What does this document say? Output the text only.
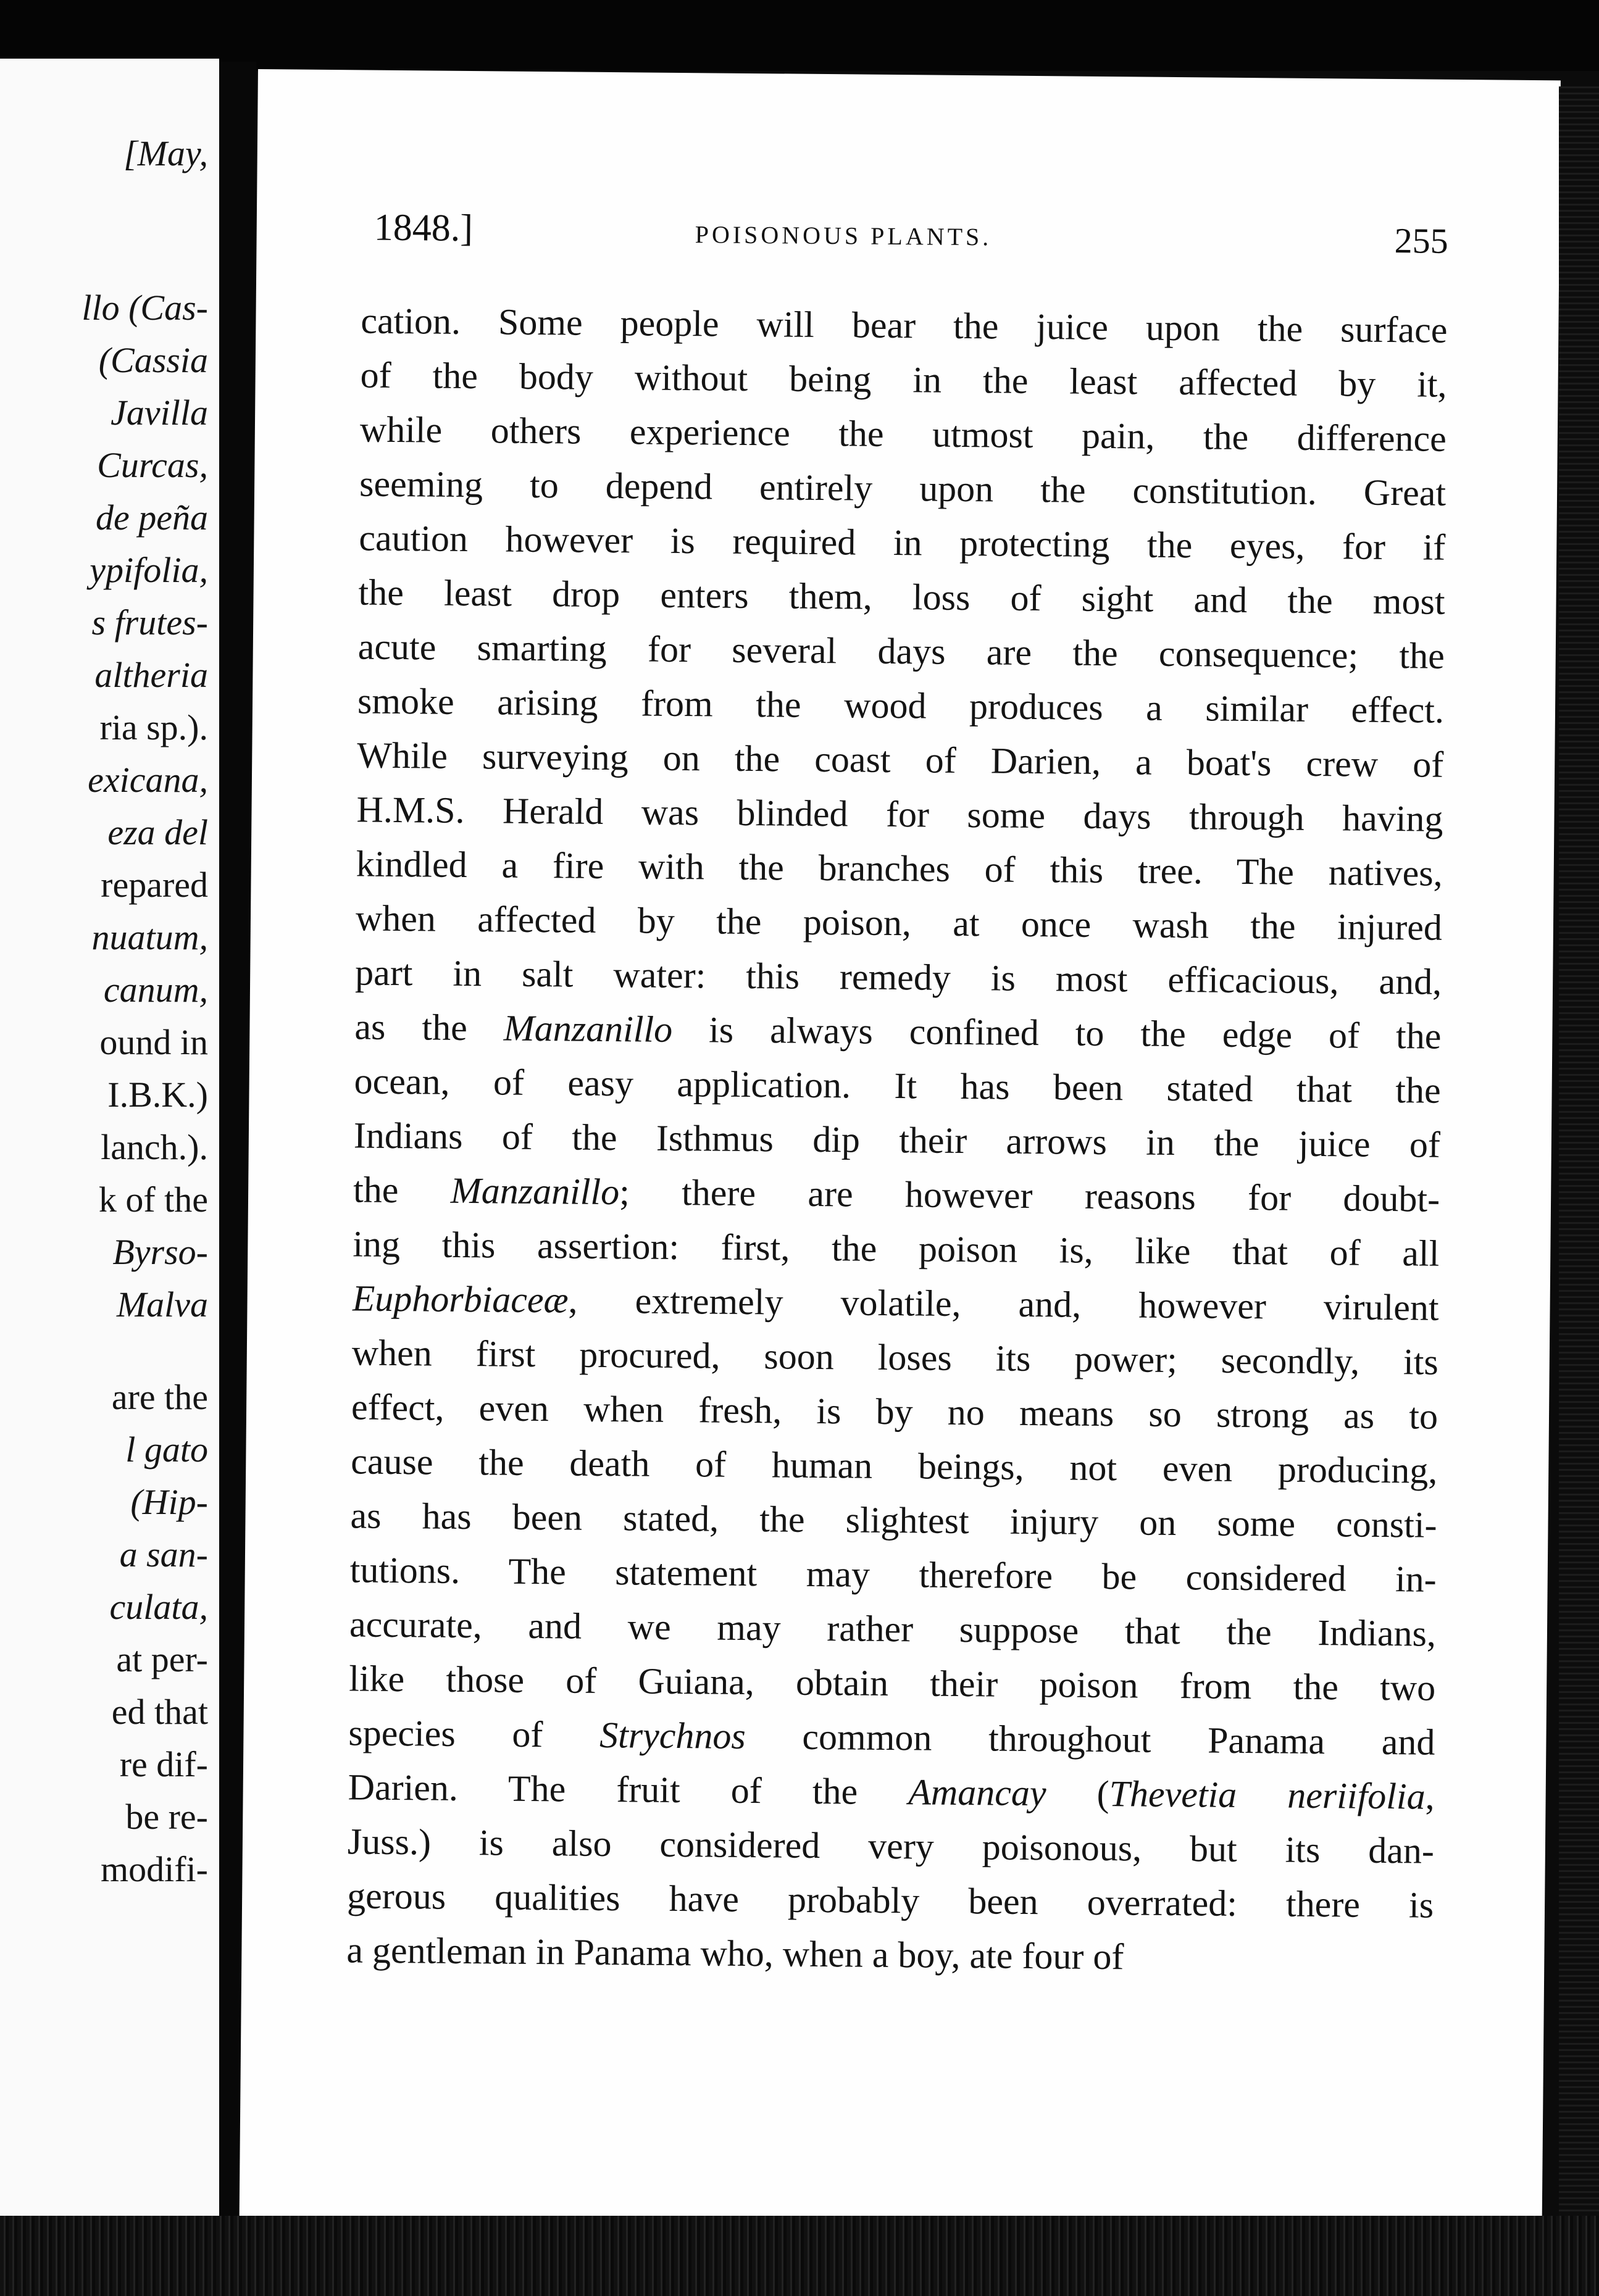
[May,
llo (Cas-
(Cassia
Javilla
Curcas,
de peña
ypifolia,
s frutes-
altheria
ria sp.).
exicana,
eza del
repared
nuatum,
canum,
ound in
I.B.K.)
lanch.).
k of the
Byrso-
Malva
are the
l gato
(Hip-
a san-
culata,
at per-
ed that
re dif-
be re-
modifi-
1848.]	POISONOUS PLANTS.	255
cation. Some people will bear the juice upon the surface
of the body without being in the least affected by it,
while others experience the utmost pain, the difference
seeming to depend entirely upon the constitution. Great
caution however is required in protecting the eyes, for if
the least drop enters them, loss of sight and the most
acute smarting for several days are the consequence; the
smoke arising from the wood produces a similar effect.
While surveying on the coast of Darien, a boat's crew of
H.M.S. Herald was blinded for some days through having
kindled a fire with the branches of this tree. The natives,
when affected by the poison, at once wash the injured
part in salt water: this remedy is most efficacious, and,
as the Manzanillo is always confined to the edge of the
ocean, of easy application. It has been stated that the
Indians of the Isthmus dip their arrows in the juice of
the Manzanillo; there are however reasons for doubt-
ing this assertion: first, the poison is, like that of all
Euphorbiaceæ, extremely volatile, and, however virulent
when first procured, soon loses its power; secondly, its
effect, even when fresh, is by no means so strong as to
cause the death of human beings, not even producing,
as has been stated, the slightest injury on some consti-
tutions. The statement may therefore be considered in-
accurate, and we may rather suppose that the Indians,
like those of Guiana, obtain their poison from the two
species of Strychnos common throughout Panama and
Darien. The fruit of the Amancay (Thevetia neriifolia,
Juss.) is also considered very poisonous, but its dan-
gerous qualities have probably been overrated: there is
a gentleman in Panama who, when a boy, ate four of
